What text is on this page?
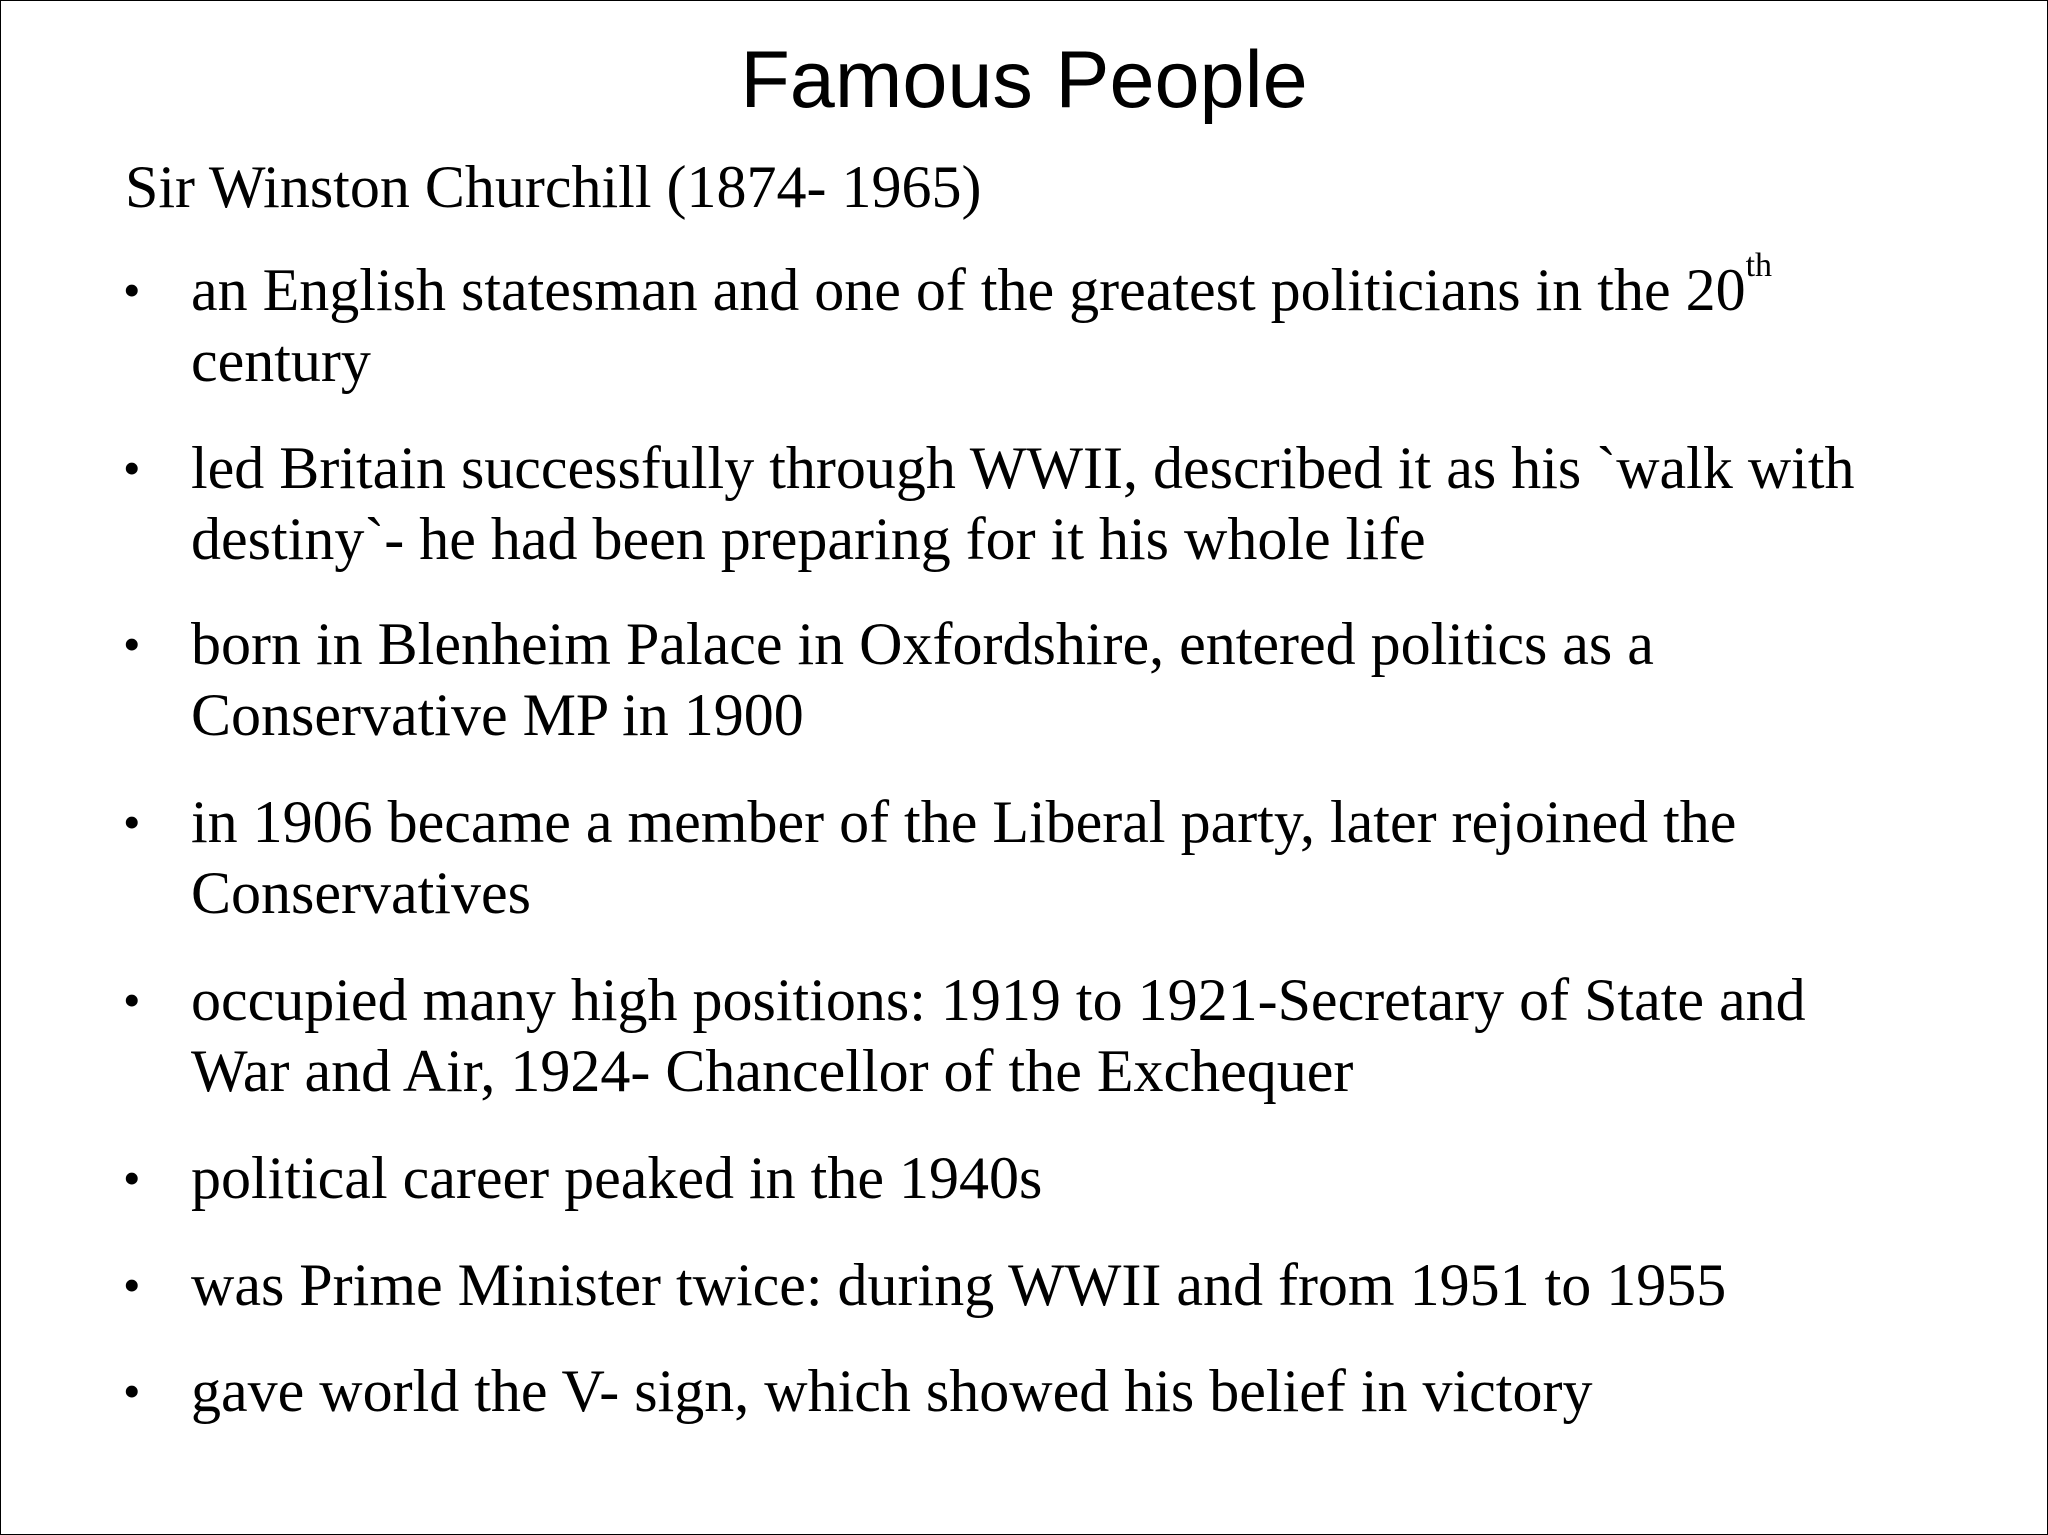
Famous People
Sir Winston Churchill (1874- 1965)
• an English statesman and one of the greatest politicians in the 20th
century
• led Britain successfully through WWII, described it as his `walk with
destiny`- he had been preparing for it his whole life
• born in Blenheim Palace in Oxfordshire, entered politics as a
Conservative MP in 1900
• in 1906 became a member of the Liberal party, later rejoined the
Conservatives
• occupied many high positions: 1919 to 1921-Secretary of State and
War and Air, 1924- Chancellor of the Exchequer
• political career peaked in the 1940s
• was Prime Minister twice: during WWII and from 1951 to 1955
• gave world the V- sign, which showed his belief in victory
